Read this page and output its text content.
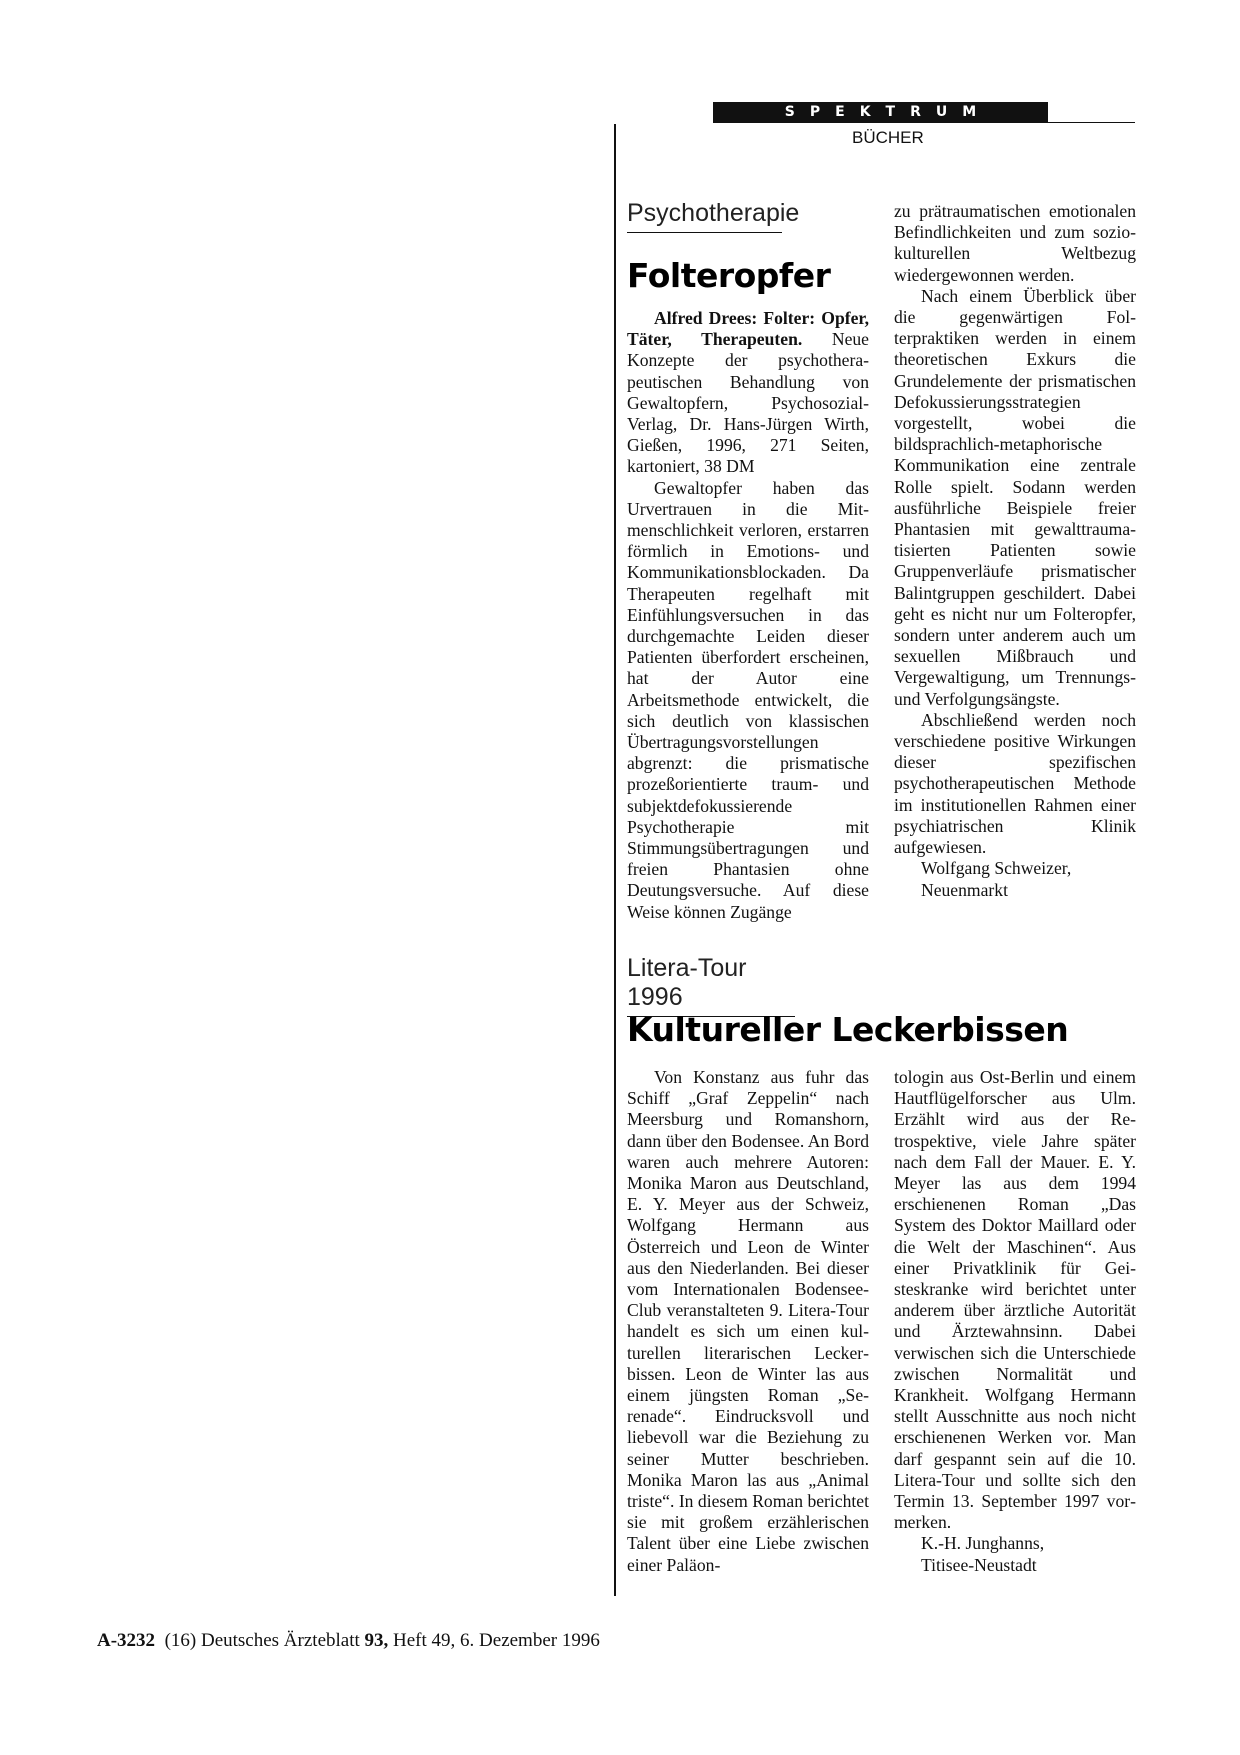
SPEKTRUM
BÜCHER
Psychotherapie
Folteropfer

Alfred Drees: Folter: Opfer, Täter, Therapeuten. Neue Konzepte der psychotherapeutischen Behandlung von Gewaltopfern, Psychosozial-Verlag, Dr. Hans-Jürgen Wirth, Gießen, 1996, 271 Seiten, kartoniert, 38 DM

Gewaltopfer haben das Urvertrauen in die Mitmenschlichkeit verloren, erstarren förmlich in Emotions- und Kommunikationsblockaden. Da Therapeuten regelhaft mit Einfühlungsversuchen in das durchgemachte Leiden dieser Patienten überfordert erscheinen, hat der Autor eine Arbeitsmethode entwickelt, die sich deutlich von klassischen Übertragungsvorstellungen abgrenzt: die prismatische prozeßorientierte traum- und subjektdefokussierende Psychotherapie mit Stimmungsübertragungen und freien Phantasien ohne Deutungsversuche. Auf diese Weise können Zugänge

zu prätraumatischen emotionalen Befindlichkeiten und zum sozio-kulturellen Weltbezug wiedergewonnen werden.

Nach einem Überblick über die gegenwärtigen Folterpraktiken werden in einem theoretischen Exkurs die Grundelemente der prismatischen Defokussierungsstrategien vorgestellt, wobei die bildsprachlich-metaphorische Kommunikation eine zentrale Rolle spielt. Sodann werden ausführliche Beispiele freier Phantasien mit gewalttraumatisierten Patienten sowie Gruppenverläufe prismatischer Balintgruppen geschildert. Dabei geht es nicht nur um Folteropfer, sondern unter anderem auch um sexuellen Mißbrauch und Vergewaltigung, um Trennungs- und Verfolgungsängste.

Abschließend werden noch verschiedene positive Wirkungen dieser spezifischen psychotherapeutischen Methode im institutionellen Rahmen einer psychiatrischen Klinik aufgewiesen.

Wolfgang Schweizer,

Neuenmarkt

Litera-Tour 1996
Kultureller Leckerbissen

Von Konstanz aus fuhr das Schiff „Graf Zeppelin“ nach Meersburg und Romanshorn, dann über den Bodensee. An Bord waren auch mehrere Autoren: Monika Maron aus Deutschland, E. Y. Meyer aus der Schweiz, Wolfgang Hermann aus Österreich und Leon de Winter aus den Niederlanden. Bei dieser vom Internationalen Bodensee-Club veranstalteten 9. Litera-Tour handelt es sich um einen kulturellen literarischen Leckerbissen. Leon de Winter las aus einem jüngsten Roman „Serenade“. Eindrucksvoll und liebevoll war die Beziehung zu seiner Mutter beschrieben. Monika Maron las aus „Animal triste“. In diesem Roman berichtet sie mit großem erzählerischen Talent über eine Liebe zwischen einer Paläon-

tologin aus Ost-Berlin und einem Hautflügelforscher aus Ulm. Erzählt wird aus der Retrospektive, viele Jahre später nach dem Fall der Mauer. E. Y. Meyer las aus dem 1994 erschienenen Roman „Das System des Doktor Maillard oder die Welt der Maschinen“. Aus einer Privatklinik für Geisteskranke wird berichtet unter anderem über ärztliche Autorität und Ärztewahnsinn. Dabei verwischen sich die Unterschiede zwischen Normalität und Krankheit. Wolfgang Hermann stellt Ausschnitte aus noch nicht erschienenen Werken vor. Man darf gespannt sein auf die 10. Litera-Tour und sollte sich den Termin 13. September 1997 vormerken.

K.-H. Junghanns,

Titisee-Neustadt

A-3232 (16) Deutsches Ärzteblatt 93, Heft 49, 6. Dezember 1996
